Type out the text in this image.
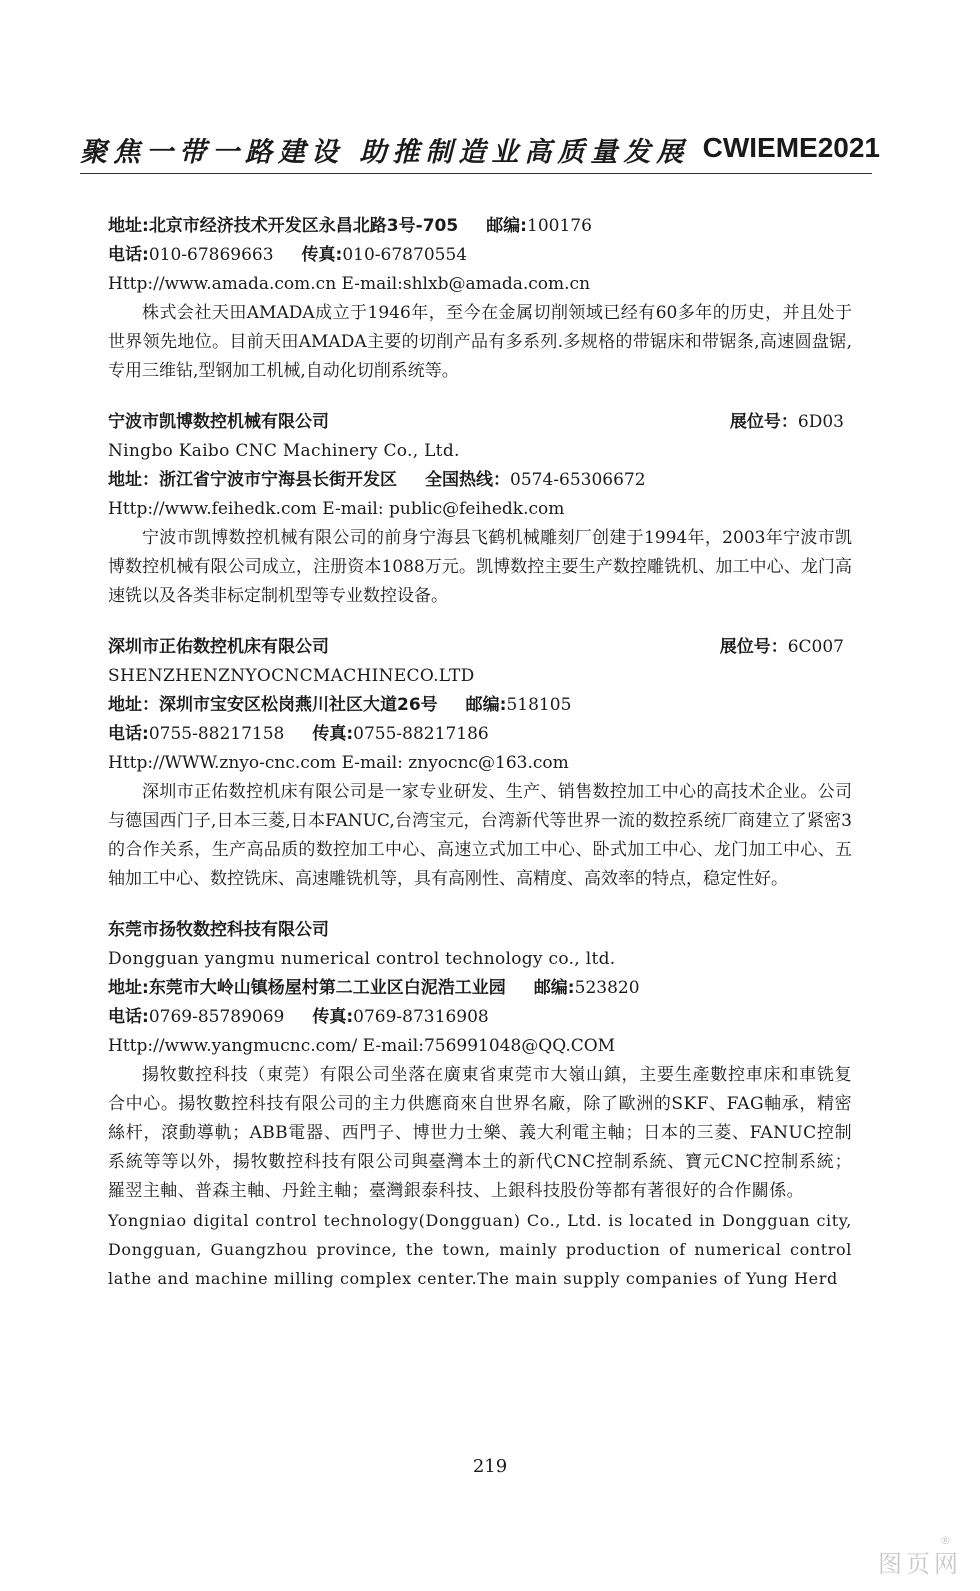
聚焦一带一路建设 助推制造业高质量发展 CWIEME2021
地址:北京市经济技术开发区永昌北路3号-705 邮编:100176
电话:010-67869663 传真:010-67870554
Http://www.amada.com.cn E-mail:shlxb@amada.com.cn

株式会社天田AMADA成立于1946年，至今在金属切削领域已经有60多年的历史，并且处于世界领先地位。目前天田AMADA主要的切削产品有多系列.多规格的带锯床和带锯条,高速圆盘锯,专用三维钻,型钢加工机械,自动化切削系统等。

宁波市凯博数控机械有限公司	展位号：6D03
Ningbo Kaibo CNC Machinery Co., Ltd.
地址：浙江省宁波市宁海县长街开发区 全国热线：0574-65306672
Http://www.feihedk.com E-mail: public@feihedk.com

宁波市凯博数控机械有限公司的前身宁海县飞鹤机械雕刻厂创建于1994年，2003年宁波市凯博数控机械有限公司成立，注册资本1088万元。凯博数控主要生产数控雕铣机、加工中心、龙门高速铣以及各类非标定制机型等专业数控设备。

深圳市正佑数控机床有限公司	展位号：6C007
SHENZHENZNYOCNCMACHINECO.LTD
地址：深圳市宝安区松岗燕川社区大道26号 邮编:518105
电话:0755-88217158 传真:0755-88217186
Http://WWW.znyo-cnc.com E-mail: znyocnc@163.com

深圳市正佑数控机床有限公司是一家专业研发、生产、销售数控加工中心的高技术企业。公司与德国西门子,日本三菱,日本FANUC,台湾宝元，台湾新代等世界一流的数控系统厂商建立了紧密3的合作关系，生产高品质的数控加工中心、高速立式加工中心、卧式加工中心、龙门加工中心、五轴加工中心、数控铣床、高速雕铣机等，具有高刚性、高精度、高效率的特点，稳定性好。

东莞市扬牧数控科技有限公司
Dongguan yangmu numerical control technology co., ltd.
地址:东莞市大岭山镇杨屋村第二工业区白泥浩工业园 邮编:523820
电话:0769-85789069 传真:0769-87316908
Http://www.yangmucnc.com/ E-mail:756991048@QQ.COM

揚牧數控科技（東莞）有限公司坐落在廣東省東莞市大嶺山鎮，主要生產數控車床和車铣复合中心。揚牧數控科技有限公司的主力供應商來自世界名廠，除了歐洲的SKF、FAG軸承，精密絲杆，滾動導軌；ABB電器、西門子、博世力士樂、義大利電主軸；日本的三菱、FANUC控制系統等等以外，揚牧數控科技有限公司與臺灣本土的新代CNC控制系統、寶元CNC控制系統；羅翌主軸、普森主軸、丹銓主軸；臺灣銀泰科技、上銀科技股份等都有著很好的合作關係。

Yongniao digital control technology(Dongguan) Co., Ltd. is located in Dongguan city, Dongguan, Guangzhou province, the town, mainly production of numerical control lathe and machine milling complex center.The main supply companies of Yung Herd

219
图页网
®
